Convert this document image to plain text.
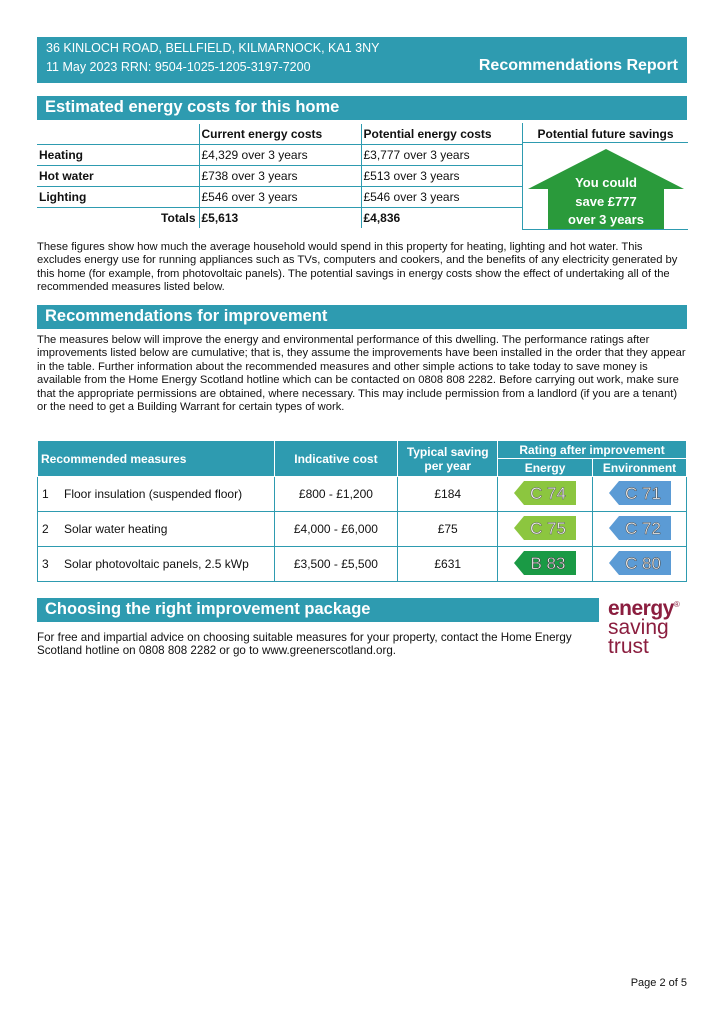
36 KINLOCH ROAD, BELLFIELD, KILMARNOCK, KA1 3NY
11 May 2023 RRN: 9504-1025-1205-3197-7200	Recommendations Report
Estimated energy costs for this home
	Current energy costs	Potential energy costs
Heating	£4,329 over 3 years	£3,777 over 3 years
Hot water	£738 over 3 years	£513 over 3 years
Lighting	£546 over 3 years	£546 over 3 years
Totals	£5,613	£4,836
Potential future savings
You could
save £777
over 3 years
These figures show how much the average household would spend in this property for heating, lighting and hot water. This excludes energy use for running appliances such as TVs, computers and cookers, and the benefits of any electricity generated by this home (for example, from photovoltaic panels). The potential savings in energy costs show the effect of undertaking all of the recommended measures listed below.
Recommendations for improvement
The measures below will improve the energy and environmental performance of this dwelling. The performance ratings after improvements listed below are cumulative; that is, they assume the improvements have been installed in the order that they appear in the table. Further information about the recommended measures and other simple actions to take today to save money is available from the Home Energy Scotland hotline which can be contacted on 0808 808 2282. Before carrying out work, make sure that the appropriate permissions are obtained, where necessary. This may include permission from a landlord (if you are a tenant) or the need to get a Building Warrant for certain types of work.
Recommended measures	Indicative cost	Typical saving per year	Rating after improvement	
			Energy	Environment
1 Floor insulation (suspended floor)	£800 - £1,200	£184	C 74	C 71

2 Solar water heating	£4,000 - £6,000	£75	C 75	C 72

3 Solar photovoltaic panels, 2.5 kWp	£3,500 - £5,500	£631	B 83	C 80
Choosing the right improvement package
For free and impartial advice on choosing suitable measures for your property, contact the Home Energy Scotland hotline on 0808 808 2282 or go to www.greenerscotland.org.
energy®
saving
trust
Page 2 of 5
